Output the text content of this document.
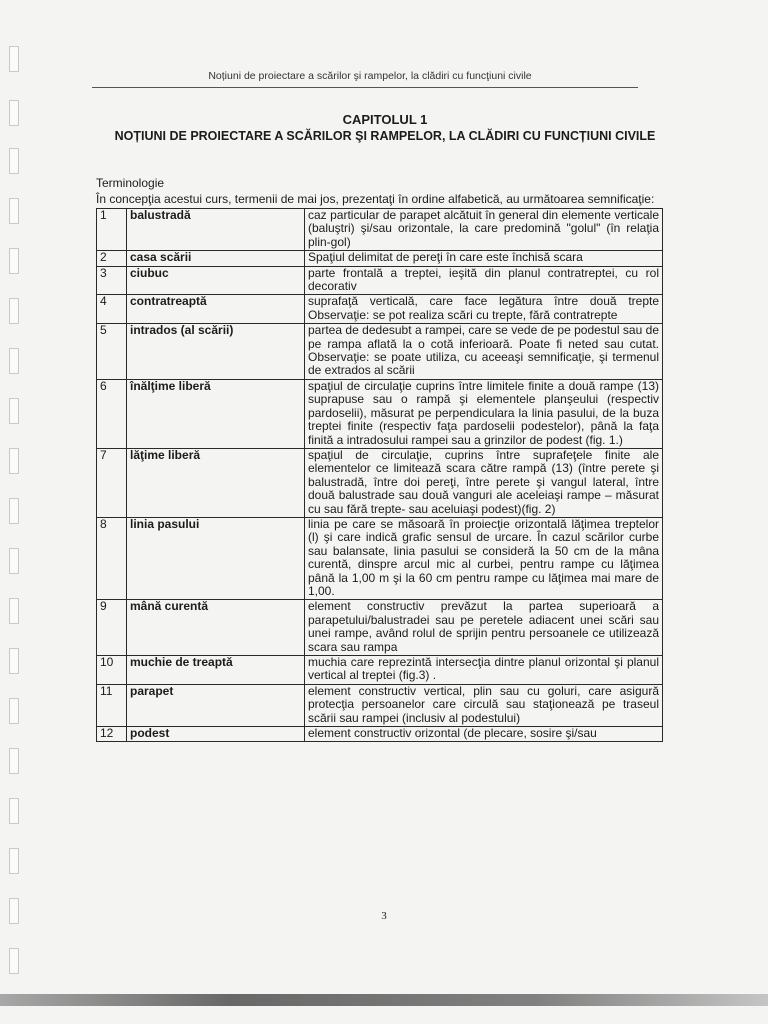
Noțiuni de proiectare a scărilor şi rampelor, la clădiri cu funcţiuni civile
CAPITOLUL 1
NOȚIUNI DE PROIECTARE A SCĂRILOR ŞI RAMPELOR, LA CLĂDIRI CU FUNCȚIUNI CIVILE
Terminologie
În concepţia acestui curs, termenii de mai jos, prezentaţi în ordine alfabetică, au următoarea semnificaţie:
1	balustradă	caz particular de parapet alcătuit în general din elemente verticale (baluştri) şi/sau orizontale, la care predomină "golul" (în relaţia plin-gol)
2	casa scării	Spaţiul delimitat de pereţi în care este închisă scara
3	ciubuc	parte frontală a treptei, ieşită din planul contratreptei, cu rol decorativ
4	contratreaptă	suprafaţă verticală, care face legătura între două trepte Observaţie: se pot realiza scări cu trepte, fără contratrepte
5	intrados (al scării)	partea de dedesubt a rampei, care se vede de pe podestul sau de pe rampa aflată la o cotă inferioară. Poate fi neted sau cutat. Observaţie: se poate utiliza, cu aceeaşi semnificaţie, şi termenul de extrados al scării
6	înălţime liberă	spaţiul de circulaţie cuprins între limitele finite a două rampe (13) suprapuse sau o rampă şi elementele planşeului (respectiv pardoselii), măsurat pe perpendiculara la linia pasului, de la buza treptei finite (respectiv faţa pardoselii podestelor), până la faţa finită a intradosului rampei sau a grinzilor de podest (fig. 1.)
7	lăţime liberă	spaţiul de circulaţie, cuprins între suprafeţele finite ale elementelor ce limitează scara către rampă (13) (între perete şi balustradă, între doi pereţi, între perete şi vangul lateral, între două balustrade sau două vanguri ale aceleiaşi rampe – măsurat cu sau fără trepte- sau aceluiaşi podest)(fig. 2)
8	linia pasului	linia pe care se măsoară în proiecţie orizontală lăţimea treptelor (l) şi care indică grafic sensul de urcare. În cazul scărilor curbe sau balansate, linia pasului se consideră la 50 cm de la mâna curentă, dinspre arcul mic al curbei, pentru rampe cu lăţimea până la 1,00 m şi la 60 cm pentru rampe cu lăţimea mai mare de 1,00.
9	mână curentă	element constructiv prevăzut la partea superioară a parapetului/balustradei sau pe peretele adiacent unei scări sau unei rampe, având rolul de sprijin pentru persoanele ce utilizează scara sau rampa
10	muchie de treaptă	muchia care reprezintă intersecţia dintre planul orizontal şi planul vertical al treptei (fig.3) .
11	parapet	element constructiv vertical, plin sau cu goluri, care asigură protecţia persoanelor care circulă sau staţionează pe traseul scării sau rampei (inclusiv al podestului)
12	podest	element constructiv orizontal (de plecare, sosire şi/sau
3
